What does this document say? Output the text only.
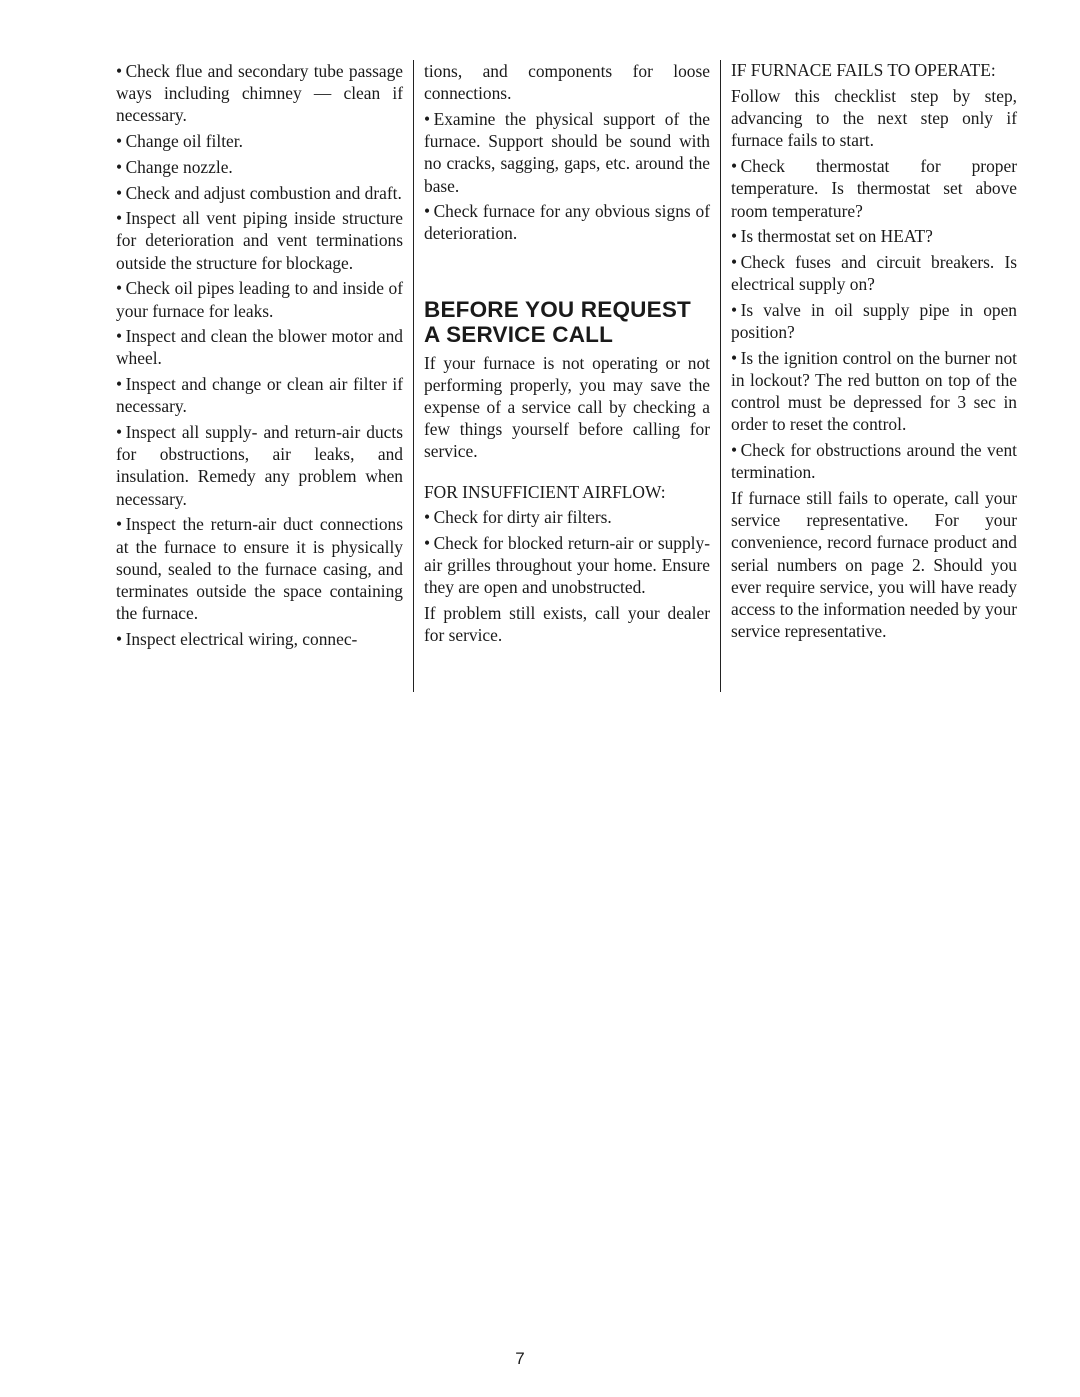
• Check flue and secondary tube passage ways including chimney — clean if necessary.

• Change oil filter.

• Change nozzle.

• Check and adjust combustion and draft.

• Inspect all vent piping inside structure for deterioration and vent terminations outside the structure for blockage.

• Check oil pipes leading to and inside of your furnace for leaks.

• Inspect and clean the blower motor and wheel.

• Inspect and change or clean air filter if necessary.

• Inspect all supply- and return-air ducts for obstructions, air leaks, and insulation. Remedy any problem when necessary.

• Inspect the return-air duct connections at the furnace to ensure it is physically sound, sealed to the furnace casing, and terminates outside the space containing the furnace.

• Inspect electrical wiring, connec-

tions, and components for loose connections.

• Examine the physical support of the furnace. Support should be sound with no cracks, sagging, gaps, etc. around the base.

• Check furnace for any obvious signs of deterioration.

BEFORE YOU REQUEST
A SERVICE CALL

If your furnace is not operating or not performing properly, you may save the expense of a service call by checking a few things yourself before calling for service.

FOR INSUFFICIENT AIRFLOW:

• Check for dirty air filters.

• Check for blocked return-air or supply-air grilles throughout your home. Ensure they are open and unobstructed.

If problem still exists, call your dealer for service.

IF FURNACE FAILS TO OPERATE:

Follow this checklist step by step, advancing to the next step only if furnace fails to start.

• Check thermostat for proper temperature. Is thermostat set above room temperature?

• Is thermostat set on HEAT?

• Check fuses and circuit breakers. Is electrical supply on?

• Is valve in oil supply pipe in open position?

• Is the ignition control on the burner not in lockout? The red button on top of the control must be depressed for 3 sec in order to reset the control.

• Check for obstructions around the vent termination.

If furnace still fails to operate, call your service representative. For your convenience, record furnace product and serial numbers on page 2. Should you ever require service, you will have ready access to the information needed by your service representative.

7
